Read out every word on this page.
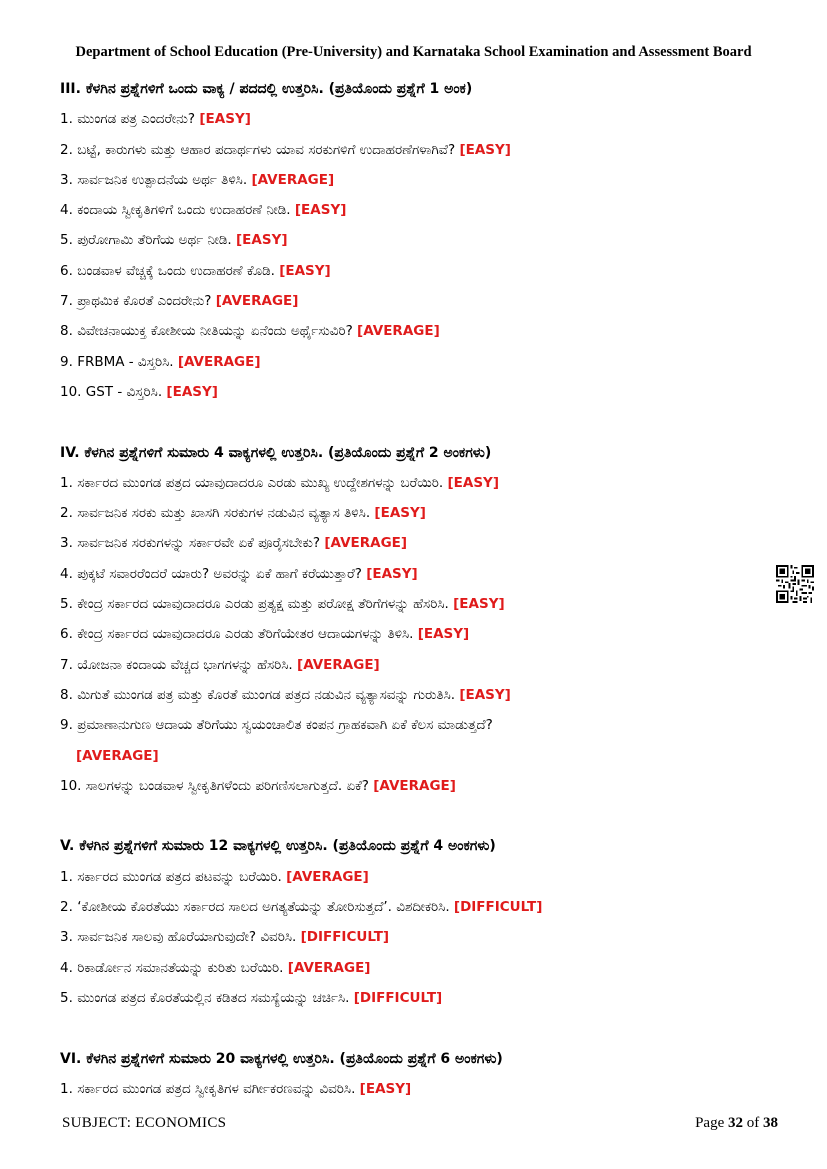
Department of School Education (Pre-University) and Karnataka School Examination and Assessment Board
III. ಕೆಳಗಿನ ಪ್ರಶ್ನೆಗಳಿಗೆ ಒಂದು ವಾಕ್ಯ / ಪದದಲ್ಲಿ ಉತ್ತರಿಸಿ. (ಪ್ರತಿಯೊಂದು ಪ್ರಶ್ನೆಗೆ 1 ಅಂಕ)
1. ಮುಂಗಡ ಪತ್ರ ಎಂದರೇನು? [EASY]
2. ಬಟ್ಟೆ, ಕಾರುಗಳು ಮತ್ತು ಆಹಾರ ಪದಾರ್ಥಗಳು ಯಾವ ಸರಕುಗಳಿಗೆ ಉದಾಹರಣೆಗಳಾಗಿವೆ? [EASY]
3. ಸಾರ್ವಜನಿಕ ಉತ್ಪಾದನೆಯ ಅರ್ಥ ತಿಳಿಸಿ. [AVERAGE]
4. ಕಂದಾಯ ಸ್ವೀಕೃತಿಗಳಿಗೆ ಒಂದು ಉದಾಹರಣೆ ನೀಡಿ. [EASY]
5. ಪುರೋಗಾಮಿ ತೆರಿಗೆಯ ಅರ್ಥ ನೀಡಿ. [EASY]
6. ಬಂಡವಾಳ ವೆಚ್ಚಕ್ಕೆ ಒಂದು ಉದಾಹರಣೆ ಕೊಡಿ. [EASY]
7. ಪ್ರಾಥಮಿಕ ಕೊರತೆ ಎಂದರೇನು? [AVERAGE]
8. ವಿವೇಚನಾಯುಕ್ತ ಕೋಶೀಯ ನೀತಿಯನ್ನು ಏನೆಂದು ಅರ್ಥೈಸುವಿರಿ? [AVERAGE]
9. FRBMA - ವಿಸ್ತರಿಸಿ. [AVERAGE]
10. GST - ವಿಸ್ತರಿಸಿ. [EASY]
IV. ಕೆಳಗಿನ ಪ್ರಶ್ನೆಗಳಿಗೆ ಸುಮಾರು 4 ವಾಕ್ಯಗಳಲ್ಲಿ ಉತ್ತರಿಸಿ. (ಪ್ರತಿಯೊಂದು ಪ್ರಶ್ನೆಗೆ 2 ಅಂಕಗಳು)
1. ಸರ್ಕಾರದ ಮುಂಗಡ ಪತ್ರದ ಯಾವುದಾದರೂ ಎರಡು ಮುಖ್ಯ ಉದ್ದೇಶಗಳನ್ನು ಬರೆಯಿರಿ. [EASY]
2. ಸಾರ್ವಜನಿಕ ಸರಕು ಮತ್ತು ಖಾಸಗಿ ಸರಕುಗಳ ನಡುವಿನ ವ್ಯತ್ಯಾಸ ತಿಳಿಸಿ. [EASY]
3. ಸಾರ್ವಜನಿಕ ಸರಕುಗಳನ್ನು ಸರ್ಕಾರವೇ ಏಕೆ ಪೂರೈಸಬೇಕು? [AVERAGE]
4. ಪುಕ್ಕಟೆ ಸವಾರರೆಂದರೆ ಯಾರು? ಅವರನ್ನು ಏಕೆ ಹಾಗೆ ಕರೆಯುತ್ತಾರೆ? [EASY]
5. ಕೇಂದ್ರ ಸರ್ಕಾರದ ಯಾವುದಾದರೂ ಎರಡು ಪ್ರತ್ಯಕ್ಷ ಮತ್ತು ಪರೋಕ್ಷ ತೆರಿಗೆಗಳನ್ನು ಹೆಸರಿಸಿ. [EASY]
6. ಕೇಂದ್ರ ಸರ್ಕಾರದ ಯಾವುದಾದರೂ ಎರಡು ತೆರಿಗೆಯೇತರ ಆದಾಯಗಳನ್ನು ತಿಳಿಸಿ. [EASY]
7. ಯೋಜನಾ ಕಂದಾಯ ವೆಚ್ಚದ ಭಾಗಗಳನ್ನು ಹೆಸರಿಸಿ. [AVERAGE]
8. ಮಿಗುತೆ ಮುಂಗಡ ಪತ್ರ ಮತ್ತು ಕೊರತೆ ಮುಂಗಡ ಪತ್ರದ ನಡುವಿನ ವ್ಯತ್ಯಾಸವನ್ನು ಗುರುತಿಸಿ. [EASY]
9. ಪ್ರಮಾಣಾನುಗುಣ ಆದಾಯ ತೆರಿಗೆಯು ಸ್ವಯಂಚಾಲಿತ ಕಂಪನ ಗ್ರಾಹಕವಾಗಿ ಏಕೆ ಕೆಲಸ ಮಾಡುತ್ತದೆ?
[AVERAGE]
10. ಸಾಲಗಳನ್ನು ಬಂಡವಾಳ ಸ್ವೀಕೃತಿಗಳೆಂದು ಪರಿಗಣಿಸಲಾಗುತ್ತದೆ. ಏಕೆ? [AVERAGE]
V. ಕೆಳಗಿನ ಪ್ರಶ್ನೆಗಳಿಗೆ ಸುಮಾರು 12 ವಾಕ್ಯಗಳಲ್ಲಿ ಉತ್ತರಿಸಿ. (ಪ್ರತಿಯೊಂದು ಪ್ರಶ್ನೆಗೆ 4 ಅಂಕಗಳು)
1. ಸರ್ಕಾರದ ಮುಂಗಡ ಪತ್ರದ ಪಟವನ್ನು ಬರೆಯಿರಿ. [AVERAGE]
2. ‘ಕೋಶೀಯ ಕೊರತೆಯು ಸರ್ಕಾರದ ಸಾಲದ ಅಗತ್ಯತೆಯನ್ನು ತೋರಿಸುತ್ತದೆ’. ವಿಶದೀಕರಿಸಿ. [DIFFICULT]
3. ಸಾರ್ವಜನಿಕ ಸಾಲವು ಹೊರೆಯಾಗುವುದೇ? ವಿವರಿಸಿ. [DIFFICULT]
4. ರಿಕಾರ್ಡೋನ ಸಮಾನತೆಯನ್ನು ಕುರಿತು ಬರೆಯಿರಿ. [AVERAGE]
5. ಮುಂಗಡ ಪತ್ರದ ಕೊರತೆಯಲ್ಲಿನ ಕಡಿತದ ಸಮಸ್ಯೆಯನ್ನು ಚರ್ಚಿಸಿ. [DIFFICULT]
VI. ಕೆಳಗಿನ ಪ್ರಶ್ನೆಗಳಿಗೆ ಸುಮಾರು 20 ವಾಕ್ಯಗಳಲ್ಲಿ ಉತ್ತರಿಸಿ. (ಪ್ರತಿಯೊಂದು ಪ್ರಶ್ನೆಗೆ 6 ಅಂಕಗಳು)
1. ಸರ್ಕಾರದ ಮುಂಗಡ ಪತ್ರದ ಸ್ವೀಕೃತಿಗಳ ವರ್ಗೀಕರಣವನ್ನು ವಿವರಿಸಿ. [EASY]
SUBJECT: ECONOMICS	Page 32 of 38
